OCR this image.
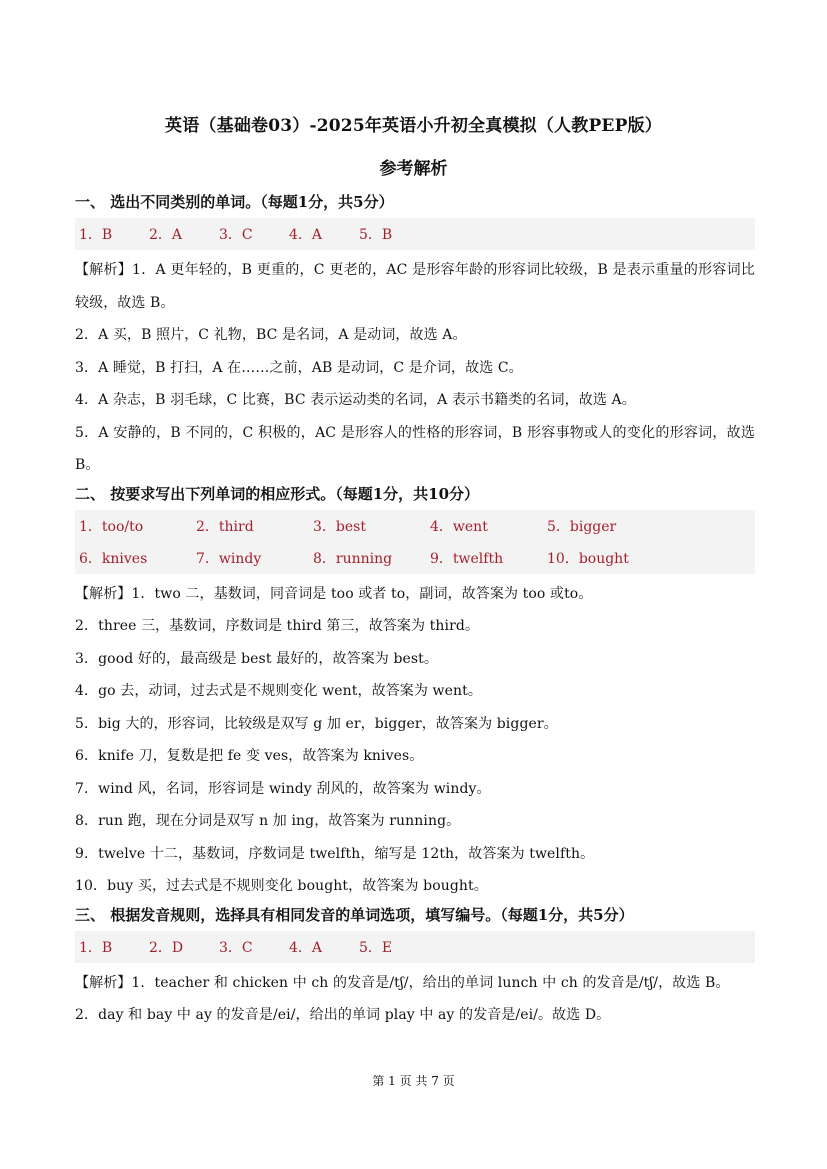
英语（基础卷03）-2025年英语小升初全真模拟（人教PEP版）
参考解析
一、 选出不同类别的单词。（每题1分，共5分）
1．B	2．A	3．C	4．A	5．B

【解析】1．A 更年轻的，B 更重的，C 更老的，AC 是形容年龄的形容词比较级，B 是表示重量的形容词比较级，故选 B。

2．A 买，B 照片，C 礼物，BC 是名词，A 是动词，故选 A。

3．A 睡觉，B 打扫，A 在……之前，AB 是动词，C 是介词，故选 C。

4．A 杂志，B 羽毛球，C 比赛，BC 表示运动类的名词，A 表示书籍类的名词，故选 A。

5．A 安静的，B 不同的，C 积极的，AC 是形容人的性格的形容词，B 形容事物或人的变化的形容词，故选 B。

二、 按要求写出下列单词的相应形式。（每题1分，共10分）
1．too/to	2．third	3．best	4．went	5．bigger
6．knives	7．windy	8．running	9．twelfth	10．bought

【解析】1．two 二，基数词，同音词是 too 或者 to，副词，故答案为 too 或to。

2．three 三，基数词，序数词是 third 第三，故答案为 third。

3．good 好的，最高级是 best 最好的，故答案为 best。

4．go 去，动词，过去式是不规则变化 went，故答案为 went。

5．big 大的，形容词，比较级是双写 g 加 er，bigger，故答案为 bigger。

6．knife 刀，复数是把 fe 变 ves，故答案为 knives。

7．wind 风，名词，形容词是 windy 刮风的，故答案为 windy。

8．run 跑，现在分词是双写 n 加 ing，故答案为 running。

9．twelve 十二，基数词，序数词是 twelfth，缩写是 12th，故答案为 twelfth。

10．buy 买，过去式是不规则变化 bought，故答案为 bought。

三、 根据发音规则，选择具有相同发音的单词选项，填写编号。（每题1分，共5分）
1．B	2．D	3．C	4．A	5．E

【解析】1．teacher 和 chicken 中 ch 的发音是/tʃ/，给出的单词 lunch 中 ch 的发音是/tʃ/，故选 B。

2．day 和 bay 中 ay 的发音是/ei/，给出的单词 play 中 ay 的发音是/ei/。故选 D。

第 1 页 共 7 页
